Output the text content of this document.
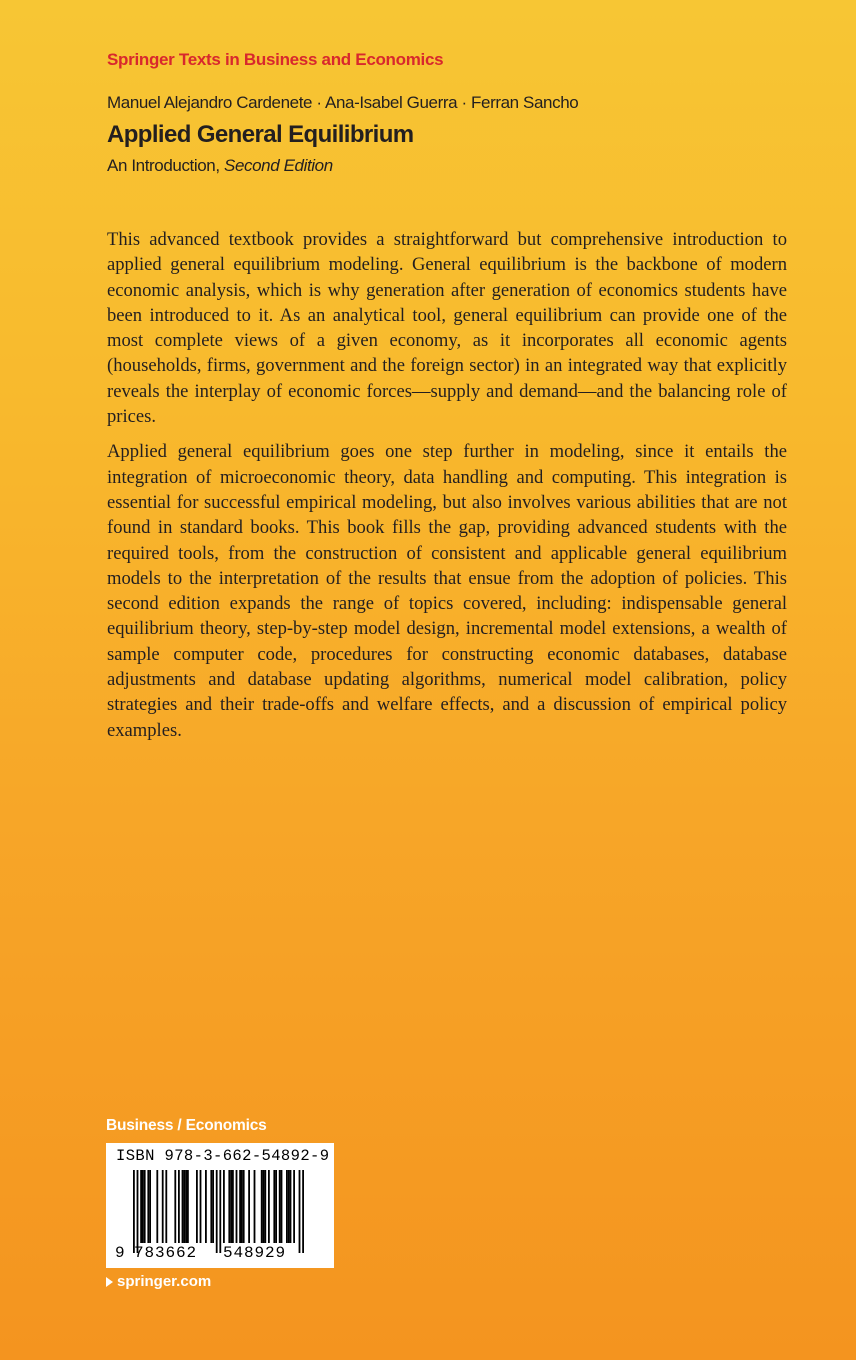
Springer Texts in Business and Economics
Manuel Alejandro Cardenete · Ana-Isabel Guerra · Ferran Sancho
Applied General Equilibrium
An Introduction, Second Edition

This advanced textbook provides a straightforward but comprehensive introduction to applied general equilibrium modeling. General equilibrium is the backbone of modern economic analysis, which is why generation after generation of economics students have been introduced to it. As an analytical tool, general equilibrium can provide one of the most complete views of a given economy, as it incorporates all economic agents (households, firms, government and the foreign sector) in an integrated way that explicitly reveals the interplay of economic forces—supply and demand—and the balancing role of prices.

Applied general equilibrium goes one step further in modeling, since it entails the integration of microeconomic theory, data handling and computing. This integration is essential for successful empirical modeling, but also involves various abilities that are not found in standard books. This book fills the gap, providing advanced students with the required tools, from the construction of consistent and applicable general equilibrium models to the interpretation of the results that ensue from the adoption of policies. This second edition expands the range of topics covered, including: indispensable general equilibrium theory, step-by-step model design, incremental model extensions, a wealth of sample computer code, procedures for constructing economic databases, database adjustments and database updating algorithms, numerical model calibration, policy strategies and their trade-offs and welfare effects, and a discussion of empirical policy examples.

Business / Economics
ISBN 978-3-662-54892-9
9 783662 548929
springer.com
